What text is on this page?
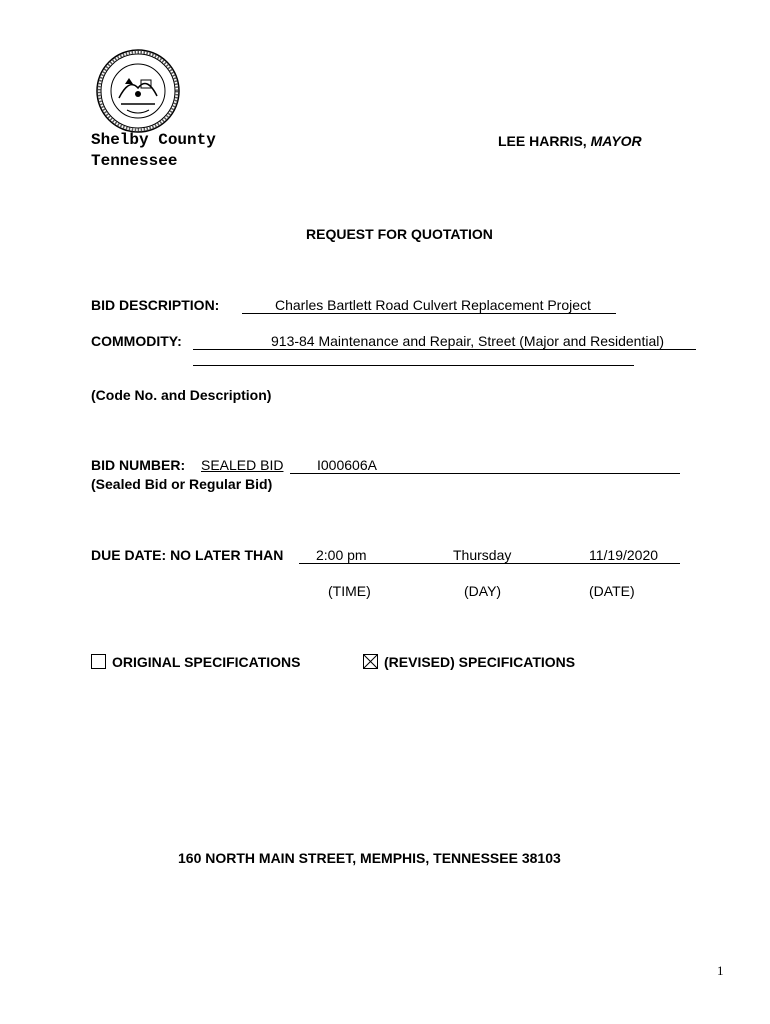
Shelby County
Tennessee
LEE HARRIS, MAYOR
REQUEST FOR QUOTATION
BID DESCRIPTION:	Charles Bartlett Road Culvert Replacement Project
COMMODITY:	913-84 Maintenance and Repair, Street (Major and Residential)
(Code No. and Description)
BID NUMBER: SEALED BID I000606A
(Sealed Bid or Regular Bid)
DUE DATE: NO LATER THAN 2:00 pm	Thursday	11/19/2020
(TIME)	(DAY)	(DATE)
ORIGINAL SPECIFICATIONS	(REVISED) SPECIFICATIONS
160 NORTH MAIN STREET, MEMPHIS, TENNESSEE 38103
1
